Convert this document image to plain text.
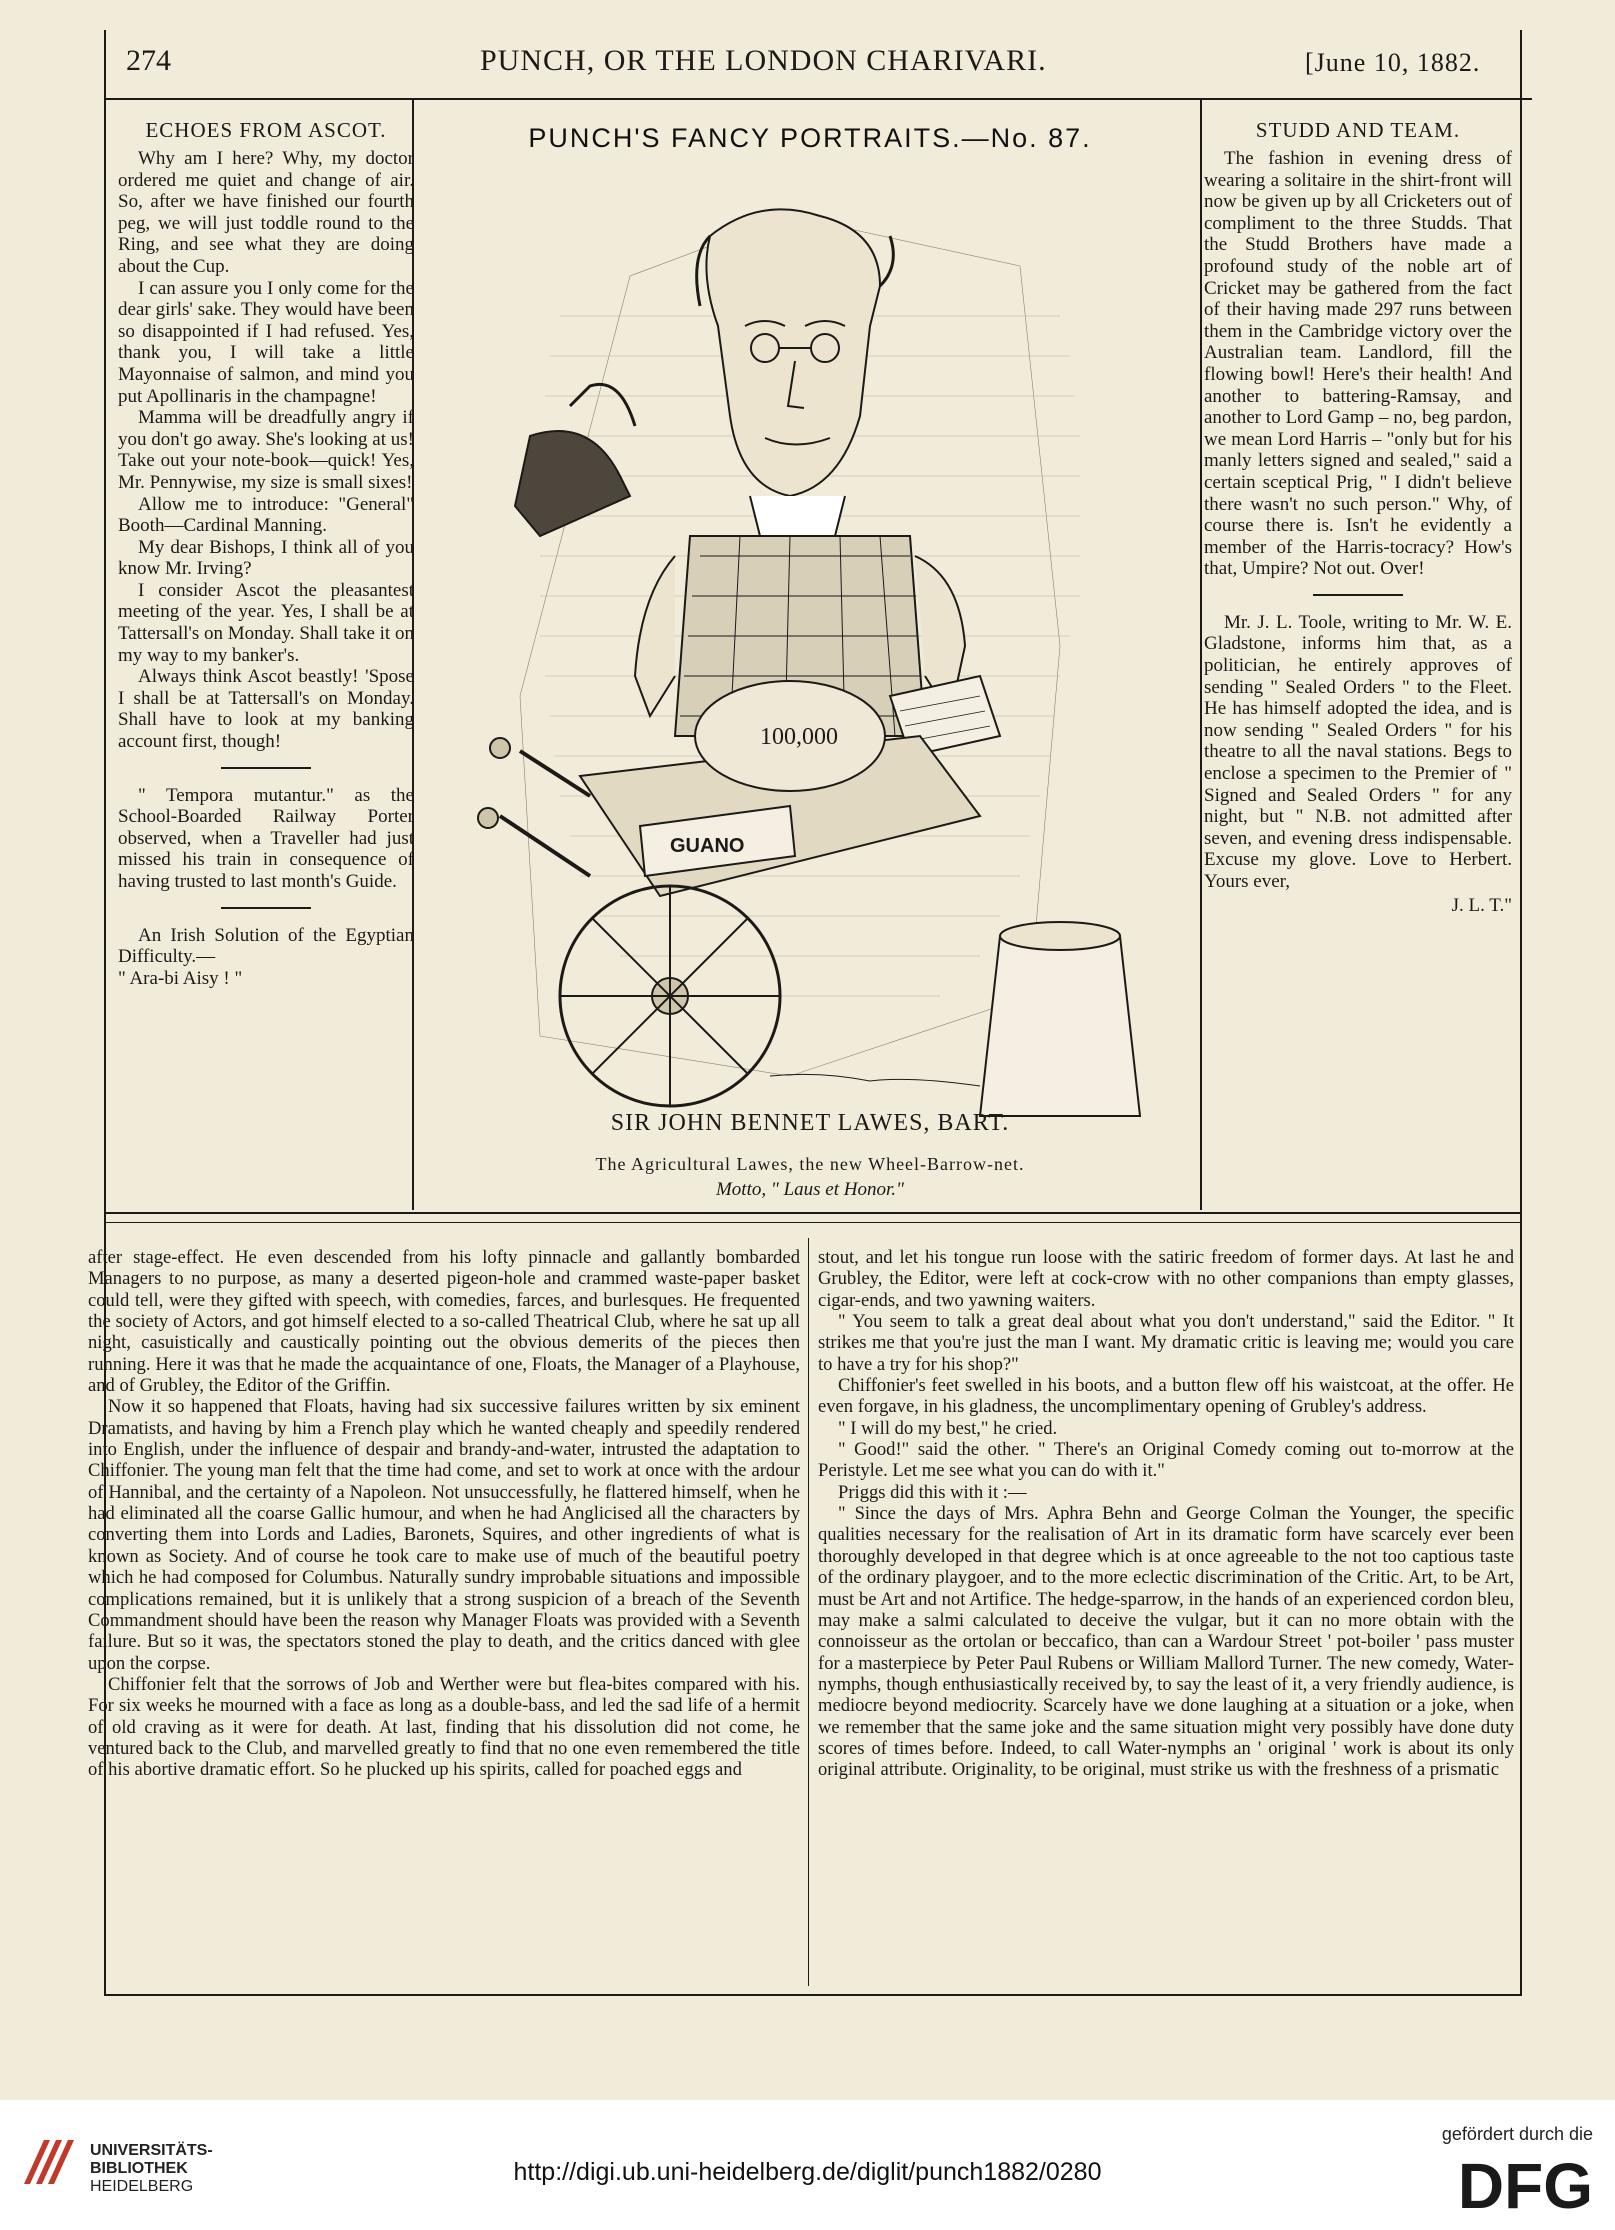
274	PUNCH, OR THE LONDON CHARIVARI.	[June 10, 1882.
ECHOES FROM ASCOT.

Why am I here? Why, my doctor ordered me quiet and change of air. So, after we have finished our fourth peg, we will just toddle round to the Ring, and see what they are doing about the Cup.

I can assure you I only come for the dear girls' sake. They would have been so disappointed if I had refused. Yes, thank you, I will take a little Mayonnaise of salmon, and mind you put Apollinaris in the champagne!

Mamma will be dreadfully angry if you don't go away. She's looking at us! Take out your note-book—quick! Yes, Mr. Pennywise, my size is small sixes!

Allow me to introduce: "General" Booth—Cardinal Manning.

My dear Bishops, I think all of you know Mr. Irving?

I consider Ascot the pleasantest meeting of the year. Yes, I shall be at Tattersall's on Monday. Shall take it on my way to my banker's.

Always think Ascot beastly! 'Spose I shall be at Tattersall's on Monday. Shall have to look at my banking account first, though!

" Tempora mutantur." as the School-Boarded Railway Porter observed, when a Traveller had just missed his train in consequence of having trusted to last month's Guide.

An Irish Solution of the Egyptian Difficulty.—

" Ara-bi Aisy ! "

PUNCH'S FANCY PORTRAITS.—No. 87.
100,000
GUANO
SIR JOHN BENNET LAWES, BART.
The Agricultural Lawes, the new Wheel-Barrow-net.
Motto, " Laus et Honor."
STUDD AND TEAM.

The fashion in evening dress of wearing a solitaire in the shirt-front will now be given up by all Cricketers out of compliment to the three Studds. That the Studd Brothers have made a profound study of the noble art of Cricket may be gathered from the fact of their having made 297 runs between them in the Cambridge victory over the Australian team. Landlord, fill the flowing bowl! Here's their health! And another to battering-Ramsay, and another to Lord Gamp – no, beg pardon, we mean Lord Harris – "only but for his manly letters signed and sealed," said a certain sceptical Prig, " I didn't believe there wasn't no such person." Why, of course there is. Isn't he evidently a member of the Harris-tocracy? How's that, Umpire? Not out. Over!

Mr. J. L. Toole, writing to Mr. W. E. Gladstone, informs him that, as a politician, he entirely approves of sending " Sealed Orders " to the Fleet. He has himself adopted the idea, and is now sending " Sealed Orders " for his theatre to all the naval stations. Begs to enclose a specimen to the Premier of " Signed and Sealed Orders " for any night, but " N.B. not admitted after seven, and evening dress indispensable. Excuse my glove. Love to Herbert. Yours ever,

J. L. T."

after stage-effect. He even descended from his lofty pinnacle and gallantly bombarded Managers to no purpose, as many a deserted pigeon-hole and crammed waste-paper basket could tell, were they gifted with speech, with comedies, farces, and burlesques. He frequented the society of Actors, and got himself elected to a so-called Theatrical Club, where he sat up all night, casuistically and caustically pointing out the obvious demerits of the pieces then running. Here it was that he made the acquaintance of one, Floats, the Manager of a Playhouse, and of Grubley, the Editor of the Griffin.

Now it so happened that Floats, having had six successive failures written by six eminent Dramatists, and having by him a French play which he wanted cheaply and speedily rendered into English, under the influence of despair and brandy-and-water, intrusted the adaptation to Chiffonier. The young man felt that the time had come, and set to work at once with the ardour of Hannibal, and the certainty of a Napoleon. Not unsuccessfully, he flattered himself, when he had eliminated all the coarse Gallic humour, and when he had Anglicised all the characters by converting them into Lords and Ladies, Baronets, Squires, and other ingredients of what is known as Society. And of course he took care to make use of much of the beautiful poetry which he had composed for Columbus. Naturally sundry improbable situations and impossible complications remained, but it is unlikely that a strong suspicion of a breach of the Seventh Commandment should have been the reason why Manager Floats was provided with a Seventh failure. But so it was, the spectators stoned the play to death, and the critics danced with glee upon the corpse.

Chiffonier felt that the sorrows of Job and Werther were but flea-bites compared with his. For six weeks he mourned with a face as long as a double-bass, and led the sad life of a hermit of old craving as it were for death. At last, finding that his dissolution did not come, he ventured back to the Club, and marvelled greatly to find that no one even remembered the title of his abortive dramatic effort. So he plucked up his spirits, called for poached eggs and

stout, and let his tongue run loose with the satiric freedom of former days. At last he and Grubley, the Editor, were left at cock-crow with no other companions than empty glasses, cigar-ends, and two yawning waiters.

" You seem to talk a great deal about what you don't understand," said the Editor. " It strikes me that you're just the man I want. My dramatic critic is leaving me; would you care to have a try for his shop?"

Chiffonier's feet swelled in his boots, and a button flew off his waistcoat, at the offer. He even forgave, in his gladness, the uncomplimentary opening of Grubley's address.

" I will do my best," he cried.

" Good!" said the other. " There's an Original Comedy coming out to-morrow at the Peristyle. Let me see what you can do with it."

Priggs did this with it :—

" Since the days of Mrs. Aphra Behn and George Colman the Younger, the specific qualities necessary for the realisation of Art in its dramatic form have scarcely ever been thoroughly developed in that degree which is at once agreeable to the not too captious taste of the ordinary playgoer, and to the more eclectic discrimination of the Critic. Art, to be Art, must be Art and not Artifice. The hedge-sparrow, in the hands of an experienced cordon bleu, may make a salmi calculated to deceive the vulgar, but it can no more obtain with the connoisseur as the ortolan or beccafico, than can a Wardour Street ' pot-boiler ' pass muster for a masterpiece by Peter Paul Rubens or William Mallord Turner. The new comedy, Water-nymphs, though enthusiastically received by, to say the least of it, a very friendly audience, is mediocre beyond mediocrity. Scarcely have we done laughing at a situation or a joke, when we remember that the same joke and the same situation might very possibly have done duty scores of times before. Indeed, to call Water-nymphs an ' original ' work is about its only original attribute. Originality, to be original, must strike us with the freshness of a prismatic

UNIVERSITÄTS-
BIBLIOTHEK
HEIDELBERG
http://digi.ub.uni-heidelberg.de/diglit/punch1882/0280
gefördert durch die
DFG
